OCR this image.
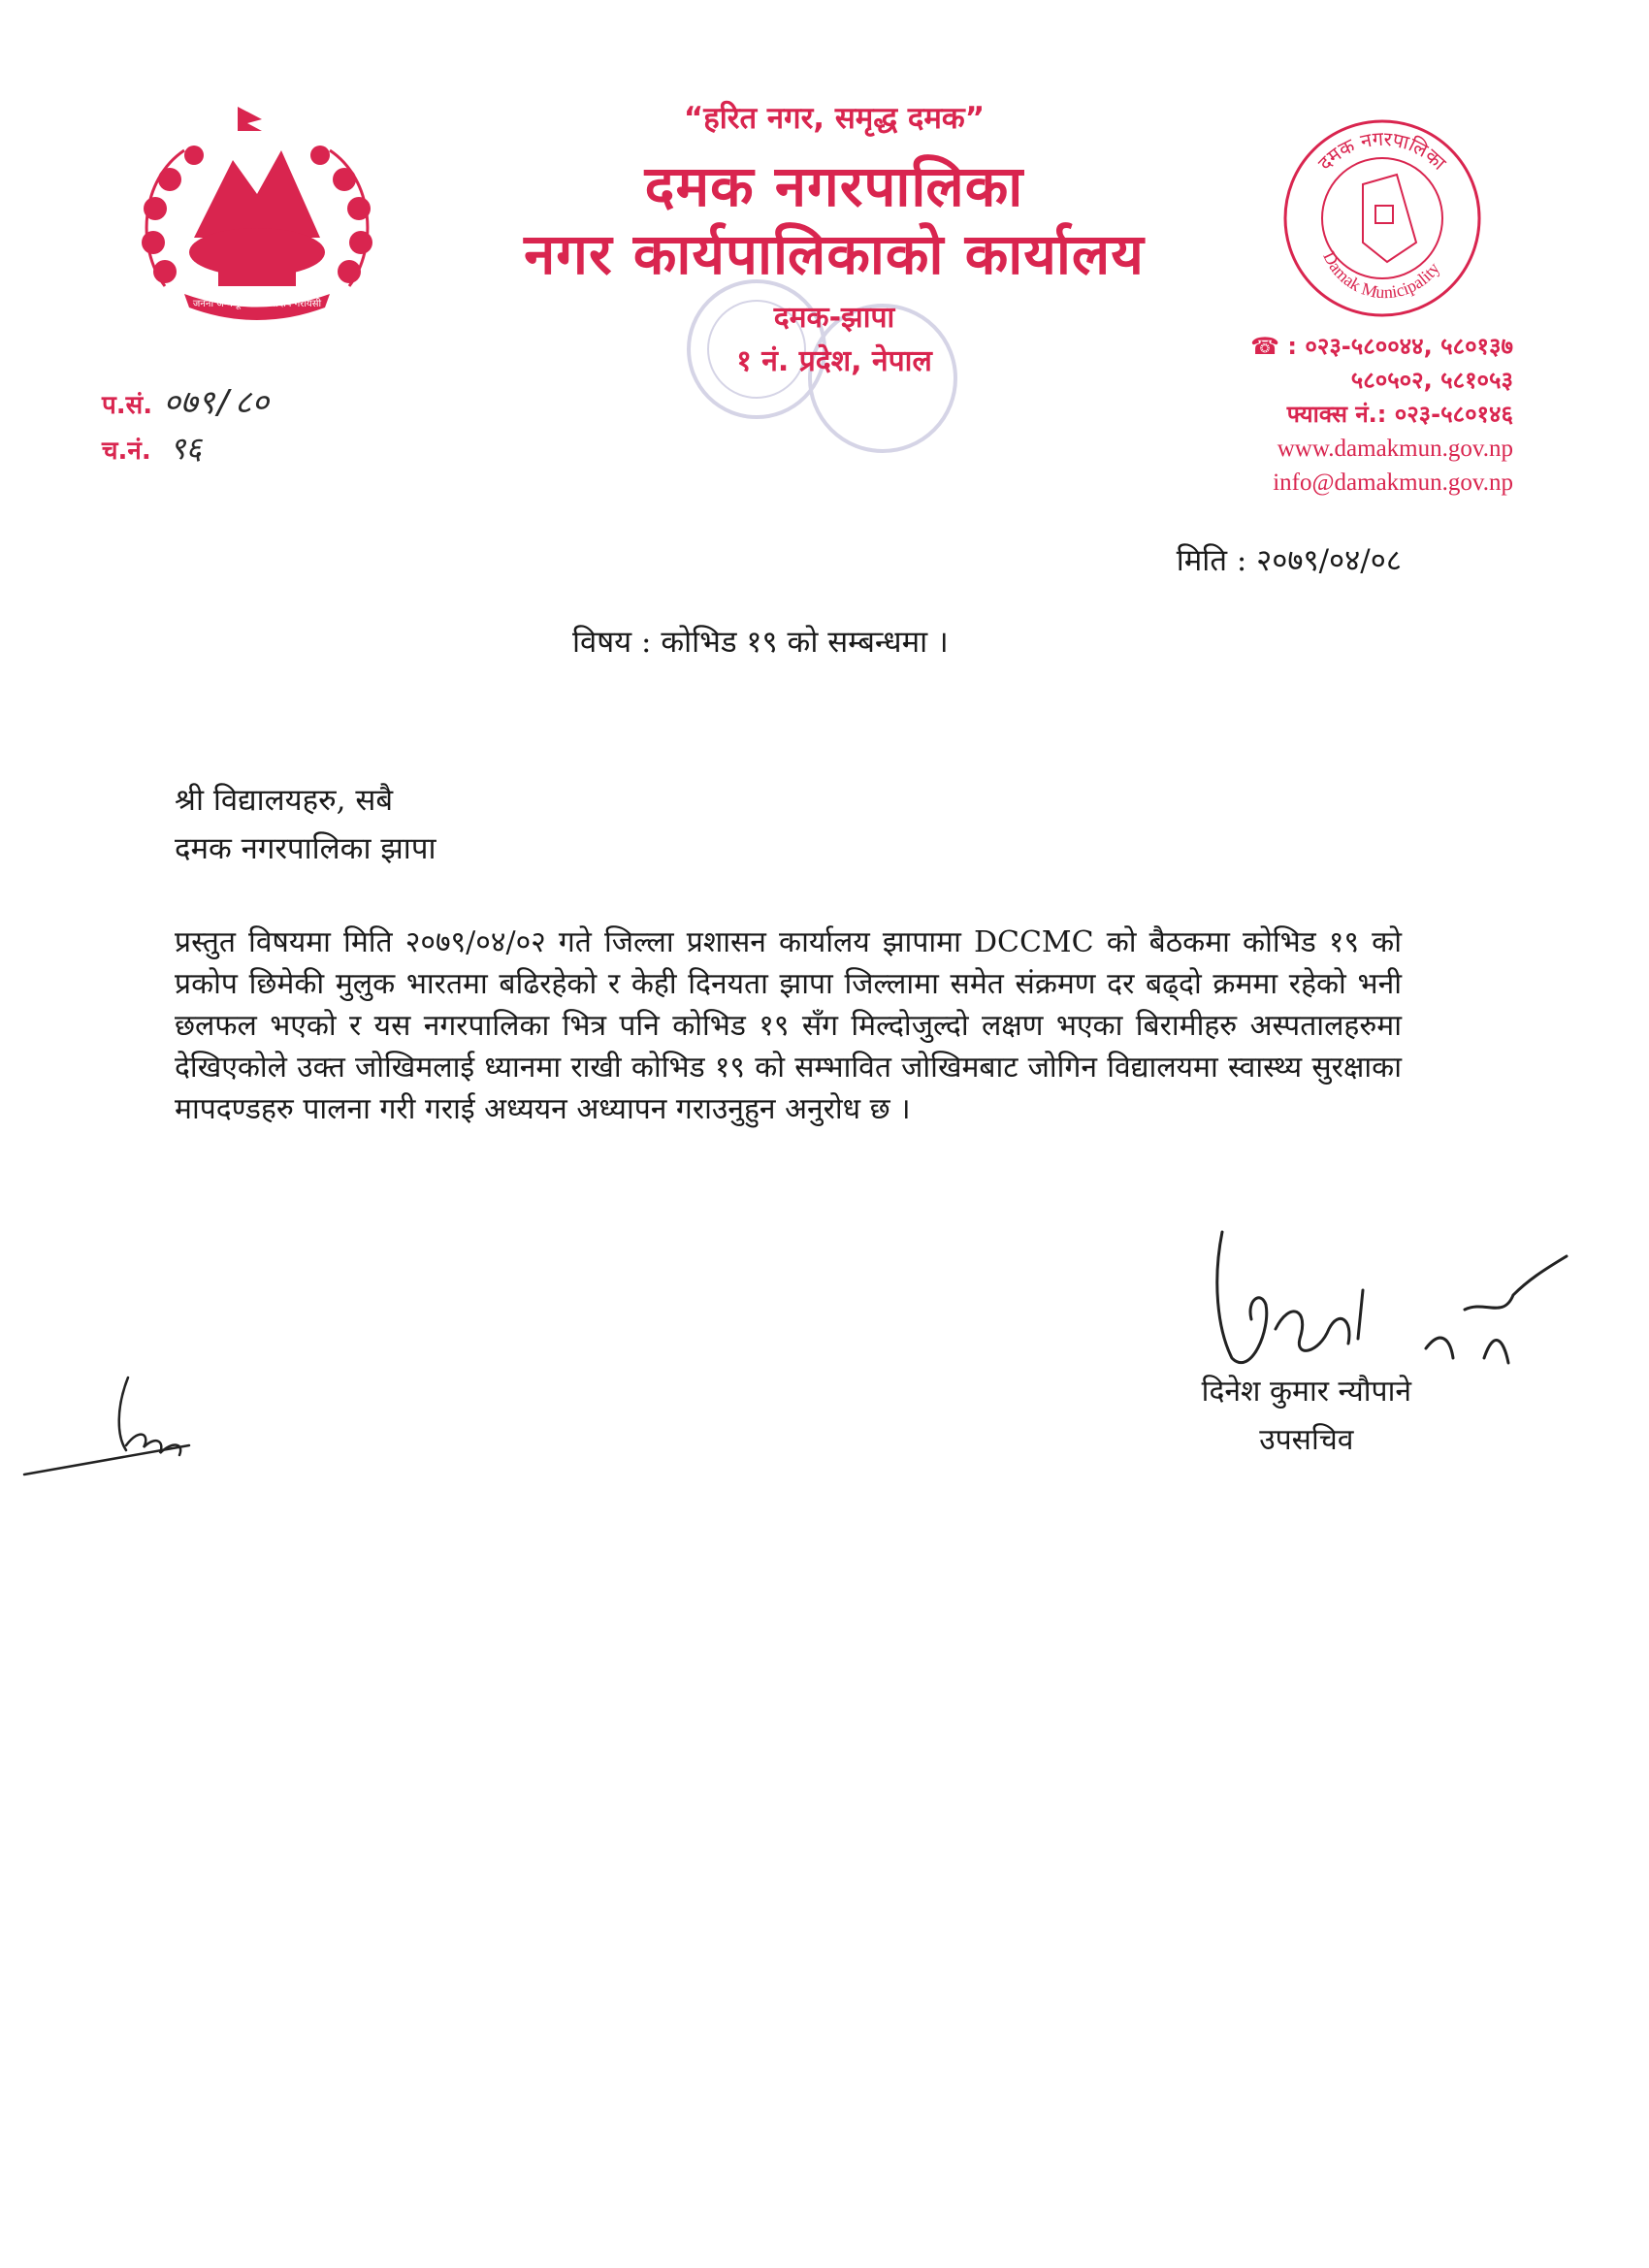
जननी जन्मभूमिश्च स्वर्गादपि गरीयसी
“हरित नगर, समृद्ध दमक”
दमक नगरपालिका
नगर कार्यपालिकाको कार्यालय
दमक-झापा
१ नं. प्रदेश, नेपाल
दमक नगरपालिका
Damak Municipality
☎ : ०२३-५८००४४, ५८०१३७
५८०५०२, ५८१०५३
फ्याक्स नं.: ०२३-५८०१४६
www.damakmun.gov.np
info@damakmun.gov.np
प.सं. ०७९/८०
च.नं. ९६
मिति : २०७९/०४/०८
विषय : कोभिड १९ को सम्बन्धमा ।
श्री विद्यालयहरु, सबै
दमक नगरपालिका झापा
प्रस्तुत विषयमा मिति २०७९/०४/०२ गते जिल्ला प्रशासन कार्यालय झापामा DCCMC को बैठकमा कोभिड १९ को प्रकोप छिमेकी मुलुक भारतमा बढिरहेको र केही दिनयता झापा जिल्लामा समेत संक्रमण दर बढ्दो क्रममा रहेको भनी छलफल भएको र यस नगरपालिका भित्र पनि कोभिड १९ सँग मिल्दोजुल्दो लक्षण भएका बिरामीहरु अस्पतालहरुमा देखिएकोले उक्त जोखिमलाई ध्यानमा राखी कोभिड १९ को सम्भावित जोखिमबाट जोगिन विद्यालयमा स्वास्थ्य सुरक्षाका मापदण्डहरु पालना गरी गराई अध्ययन अध्यापन गराउनुहुन अनुरोध छ ।
दिनेश कुमार न्यौपाने
उपसचिव
